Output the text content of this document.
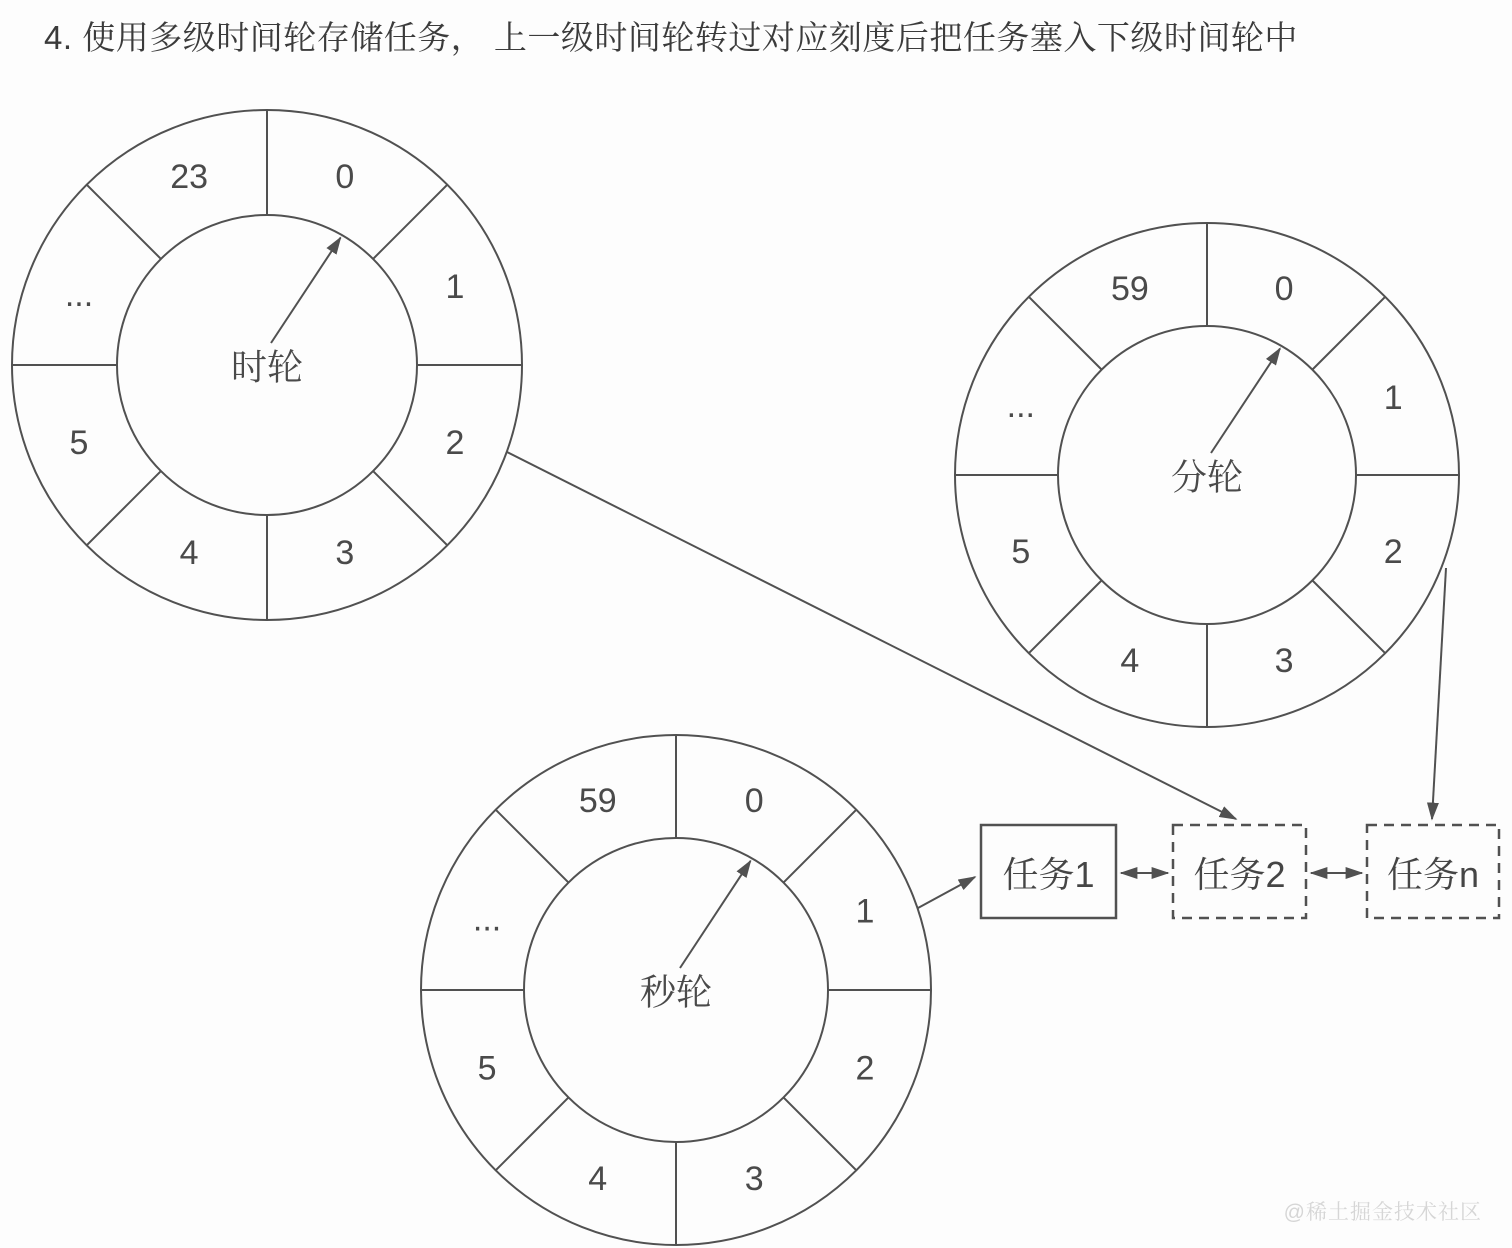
0
1
2
3
4
5
...
23
时轮
0
1
2
3
4
5
...
59
分轮
0
1
2
3
4
5
...
59
秒轮
任务1	任务2	任务n
4. 使用多级时间轮存储任务， 上一级时间轮转过对应刻度后把任务塞入下级时间轮中
@稀土掘金技术社区
